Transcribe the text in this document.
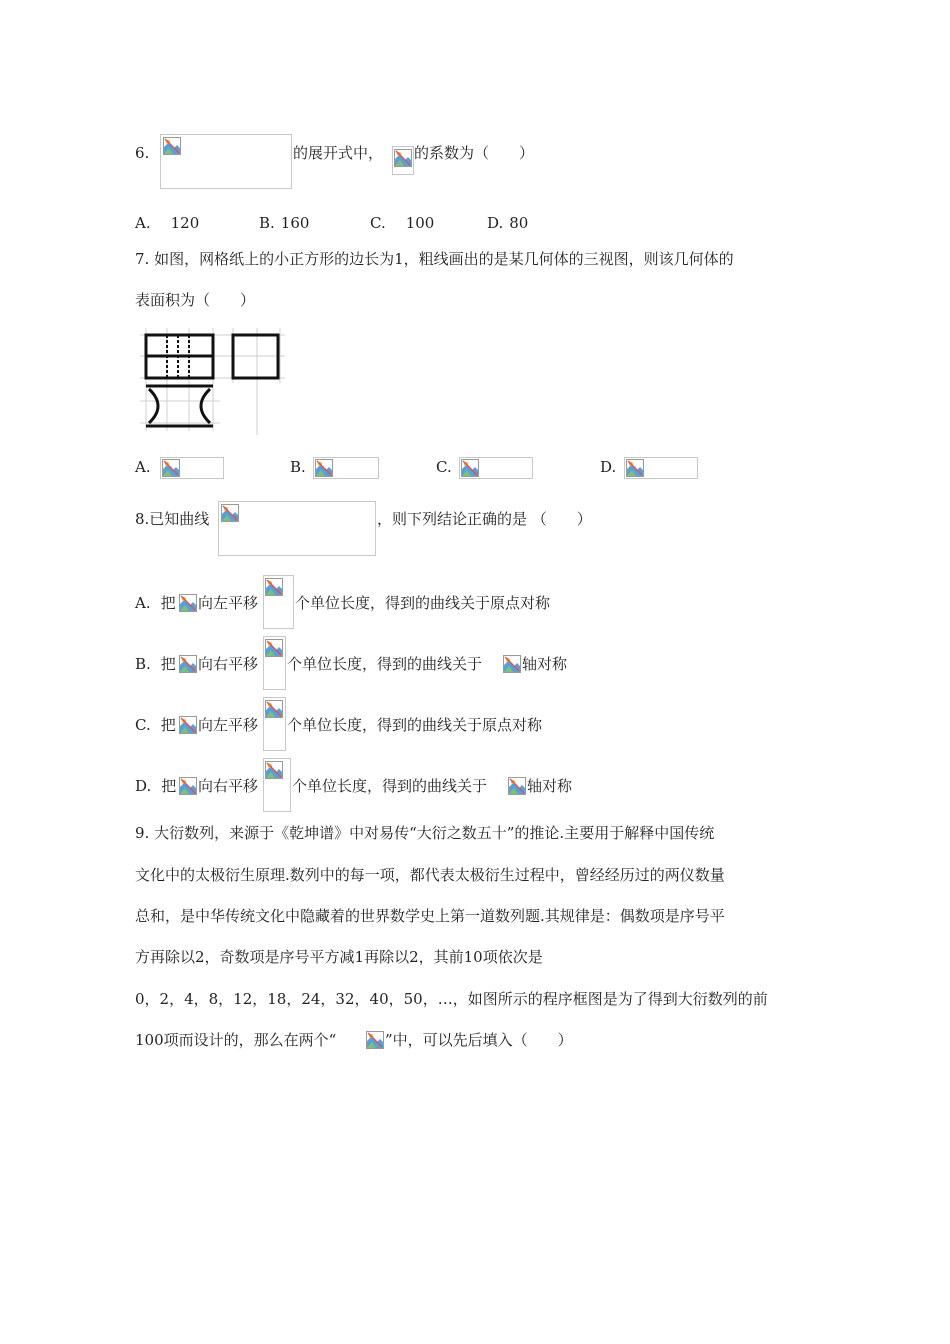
6.	的展开式中， 的系数为（　　）
A. 120	B. 160	C. 100	D. 80
7. 如图，网格纸上的小正方形的边长为1，粗线画出的是某几何体的三视图，则该几何体的
表面积为（　　）
A.	B.	C.	D.
8.已知曲线	，则下列结论正确的是 （　　）
A. 把 向左平移 个单位长度，得到的曲线关于原点对称
B. 把 向右平移 个单位长度，得到的曲线关于	轴对称
C. 把 向左平移 个单位长度，得到的曲线关于原点对称
D. 把 向右平移 个单位长度，得到的曲线关于	轴对称
9. 大衍数列，来源于《乾坤谱》中对易传“大衍之数五十”的推论.主要用于解释中国传统
文化中的太极衍生原理.数列中的每一项，都代表太极衍生过程中，曾经经历过的两仪数量
总和，是中华传统文化中隐藏着的世界数学史上第一道数列题.其规律是：偶数项是序号平
方再除以2，奇数项是序号平方减1再除以2，其前10项依次是
0，2，4，8，12，18，24，32，40，50，…，如图所示的程序框图是为了得到大衍数列的前
100项而设计的，那么在两个“	”中，可以先后填入（　　）
